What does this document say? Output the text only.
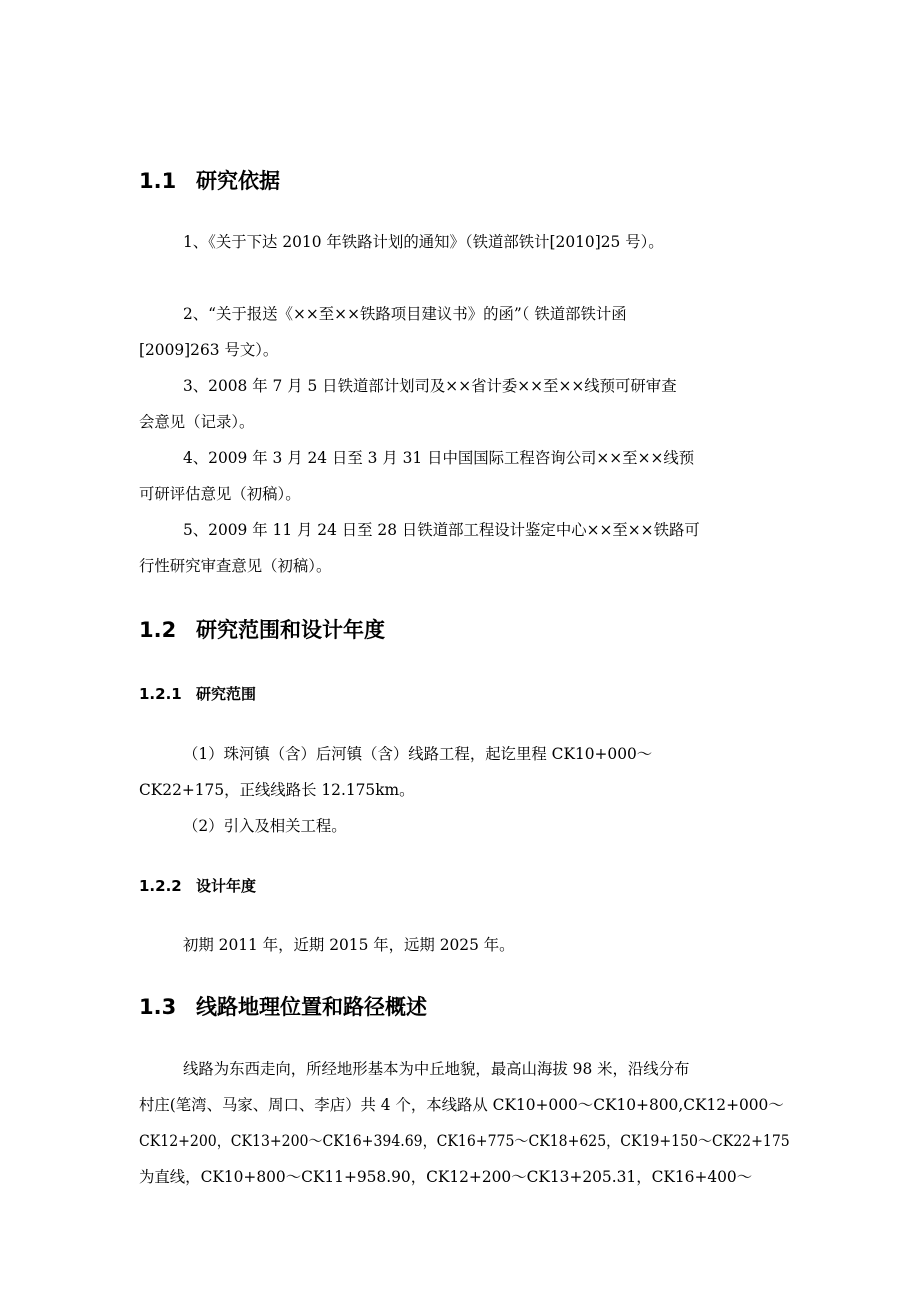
1.1 研究依据
1、《关于下达 2010 年铁路计划的通知》（铁道部铁计[2010]25 号）。
2、“关于报送《××至××铁路项目建议书》的函”（ 铁道部铁计函
[2009]263 号文）。
3、2008 年 7 月 5 日铁道部计划司及××省计委××至××线预可研审查
会意见（记录）。
4、2009 年 3 月 24 日至 3 月 31 日中国国际工程咨询公司××至××线预
可研评估意见（初稿）。
5、2009 年 11 月 24 日至 28 日铁道部工程设计鉴定中心××至××铁路可
行性研究审查意见（初稿）。
1.2 研究范围和设计年度
1.2.1 研究范围
（1）珠河镇（含）后河镇（含）线路工程，起讫里程 CK10+000～
CK22+175，正线线路长 12.175km。
（2）引入及相关工程。
1.2.2 设计年度
初期 2011 年，近期 2015 年，远期 2025 年。
1.3 线路地理位置和路径概述
线路为东西走向，所经地形基本为中丘地貌，最高山海拔 98 米，沿线分布
村庄(笔湾、马家、周口、李店）共 4 个，本线路从 CK10+000～CK10+800,CK12+000～
CK12+200，CK13+200～CK16+394.69，CK16+775～CK18+625，CK19+150～CK22+175
为直线，CK10+800～CK11+958.90，CK12+200～CK13+205.31，CK16+400～
